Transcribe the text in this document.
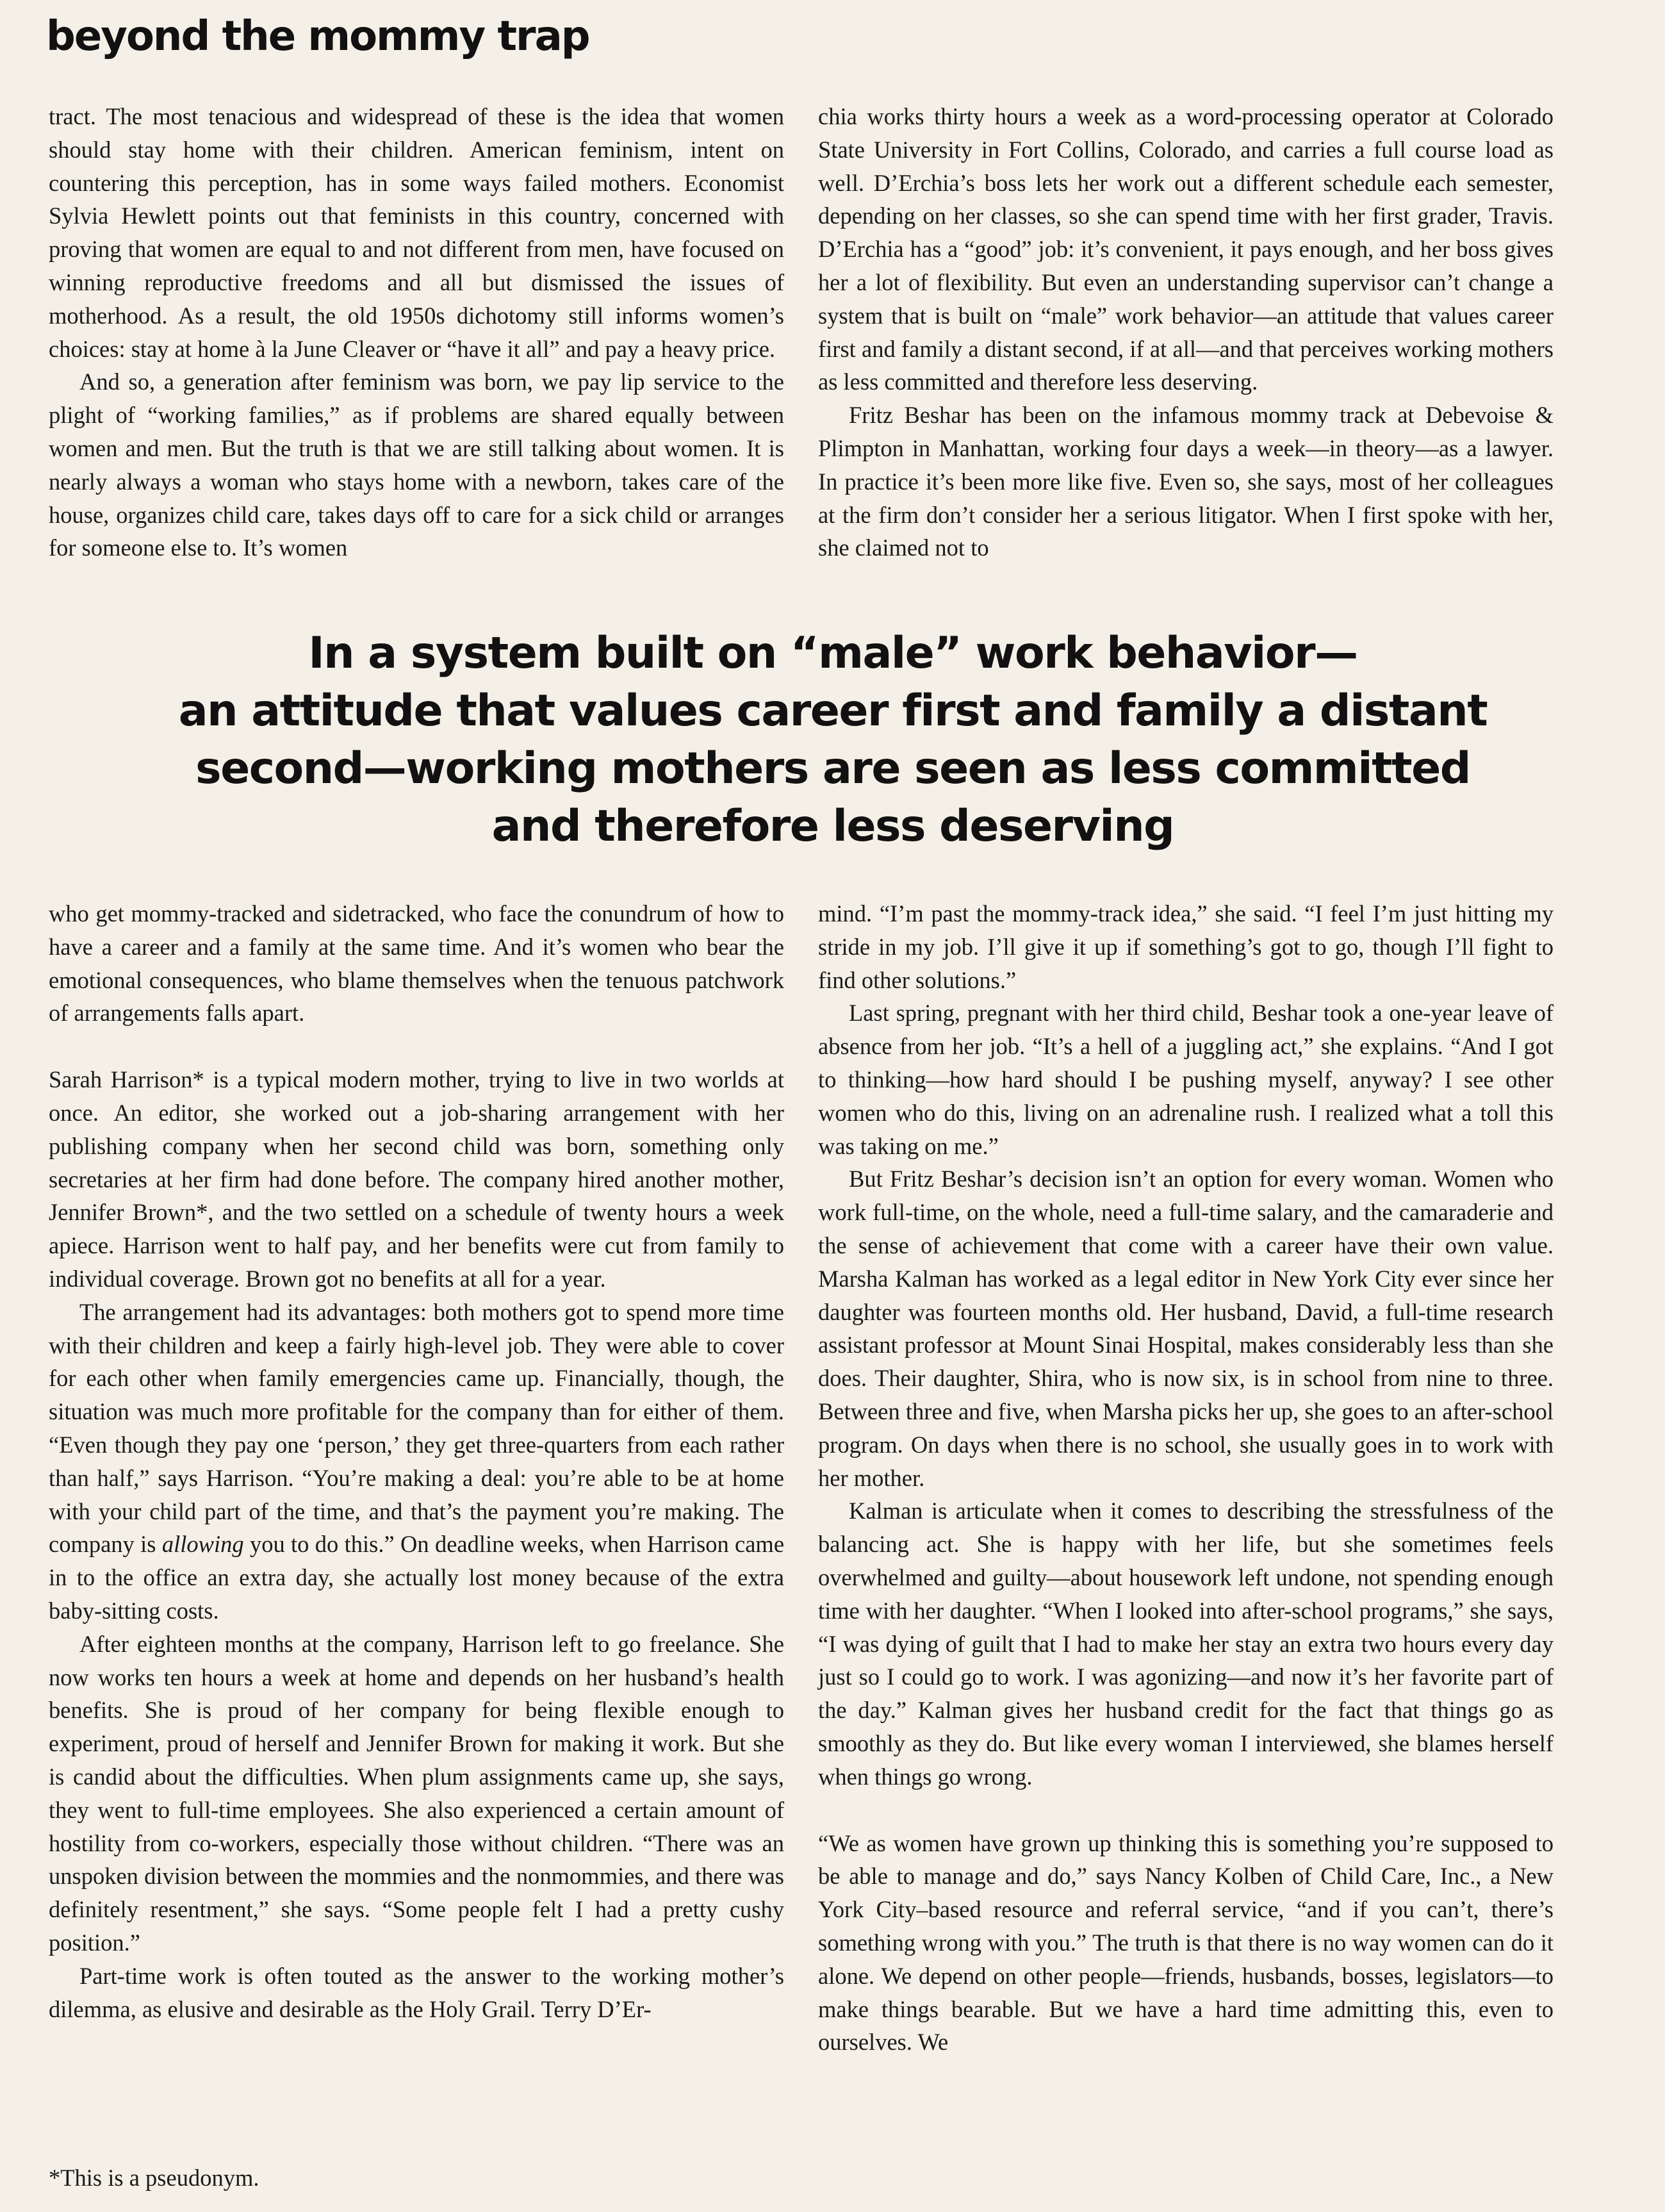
beyond the mommy trap

tract. The most tenacious and widespread of these is the idea that women should stay home with their children. American feminism, intent on countering this perception, has in some ways failed mothers. Economist Sylvia Hewlett points out that feminists in this country, concerned with proving that women are equal to and not different from men, have focused on winning reproductive freedoms and all but dismissed the issues of motherhood. As a result, the old 1950s dichotomy still informs women’s choices: stay at home à la June Cleaver or “have it all” and pay a heavy price.

And so, a generation after feminism was born, we pay lip service to the plight of “working families,” as if problems are shared equally between women and men. But the truth is that we are still talking about women. It is nearly always a woman who stays home with a newborn, takes care of the house, organizes child care, takes days off to care for a sick child or arranges for someone else to. It’s women

chia works thirty hours a week as a word-processing operator at Colorado State University in Fort Collins, Colorado, and carries a full course load as well. D’Erchia’s boss lets her work out a different schedule each semester, depending on her classes, so she can spend time with her first grader, Travis. D’Erchia has a “good” job: it’s convenient, it pays enough, and her boss gives her a lot of flexibility. But even an understanding supervisor can’t change a system that is built on “male” work behavior—an attitude that values career first and family a distant second, if at all—and that perceives working mothers as less committed and therefore less deserving.

Fritz Beshar has been on the infamous mommy track at Debevoise & Plimpton in Manhattan, working four days a week—in theory—as a lawyer. In practice it’s been more like five. Even so, she says, most of her colleagues at the firm don’t consider her a serious litigator. When I first spoke with her, she claimed not to

In a system built on “male” work behavior—
an attitude that values career first and family a distant
second—working mothers are seen as less committed
and therefore less deserving

who get mommy-tracked and sidetracked, who face the conundrum of how to have a career and a family at the same time. And it’s women who bear the emotional consequences, who blame themselves when the tenuous patchwork of arrangements falls apart.

Sarah Harrison* is a typical modern mother, trying to live in two worlds at once. An editor, she worked out a job-sharing arrangement with her publishing company when her second child was born, something only secretaries at her firm had done before. The company hired another mother, Jennifer Brown*, and the two settled on a schedule of twenty hours a week apiece. Harrison went to half pay, and her benefits were cut from family to individual coverage. Brown got no benefits at all for a year.

The arrangement had its advantages: both mothers got to spend more time with their children and keep a fairly high-level job. They were able to cover for each other when family emergencies came up. Financially, though, the situation was much more profitable for the company than for either of them. “Even though they pay one ‘person,’ they get three-quarters from each rather than half,” says Harrison. “You’re making a deal: you’re able to be at home with your child part of the time, and that’s the payment you’re making. The company is allowing you to do this.” On deadline weeks, when Harrison came in to the office an extra day, she actually lost money because of the extra baby-sitting costs.

After eighteen months at the company, Harrison left to go freelance. She now works ten hours a week at home and depends on her husband’s health benefits. She is proud of her company for being flexible enough to experiment, proud of herself and Jennifer Brown for making it work. But she is candid about the difficulties. When plum assignments came up, she says, they went to full-time employees. She also experienced a certain amount of hostility from co-workers, especially those without children. “There was an unspoken division between the mommies and the nonmommies, and there was definitely resentment,” she says. “Some people felt I had a pretty cushy position.”

Part-time work is often touted as the answer to the working mother’s dilemma, as elusive and desirable as the Holy Grail. Terry D’Er-

mind. “I’m past the mommy-track idea,” she said. “I feel I’m just hitting my stride in my job. I’ll give it up if something’s got to go, though I’ll fight to find other solutions.”

Last spring, pregnant with her third child, Beshar took a one-year leave of absence from her job. “It’s a hell of a juggling act,” she explains. “And I got to thinking—how hard should I be pushing myself, anyway? I see other women who do this, living on an adrenaline rush. I realized what a toll this was taking on me.”

But Fritz Beshar’s decision isn’t an option for every woman. Women who work full-time, on the whole, need a full-time salary, and the camaraderie and the sense of achievement that come with a career have their own value. Marsha Kalman has worked as a legal editor in New York City ever since her daughter was fourteen months old. Her husband, David, a full-time research assistant professor at Mount Sinai Hospital, makes considerably less than she does. Their daughter, Shira, who is now six, is in school from nine to three. Between three and five, when Marsha picks her up, she goes to an after-school program. On days when there is no school, she usually goes in to work with her mother.

Kalman is articulate when it comes to describing the stressfulness of the balancing act. She is happy with her life, but she sometimes feels overwhelmed and guilty—about housework left undone, not spending enough time with her daughter. “When I looked into after-school programs,” she says, “I was dying of guilt that I had to make her stay an extra two hours every day just so I could go to work. I was agonizing—and now it’s her favorite part of the day.” Kalman gives her husband credit for the fact that things go as smoothly as they do. But like every woman I interviewed, she blames herself when things go wrong.

“We as women have grown up thinking this is something you’re supposed to be able to manage and do,” says Nancy Kolben of Child Care, Inc., a New York City–based resource and referral service, “and if you can’t, there’s something wrong with you.” The truth is that there is no way women can do it alone. We depend on other people—friends, husbands, bosses, legislators—to make things bearable. But we have a hard time admitting this, even to ourselves. We

*This is a pseudonym.
